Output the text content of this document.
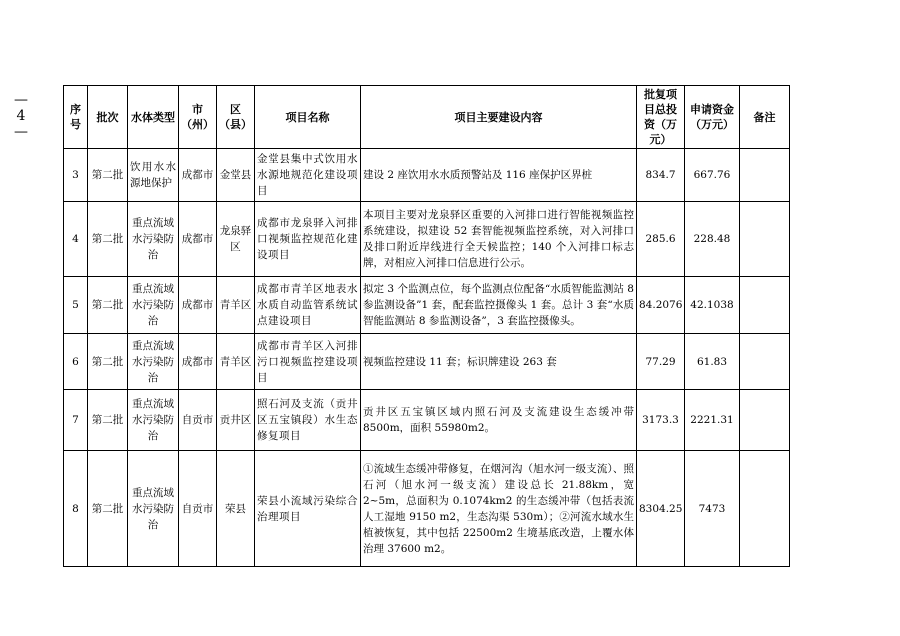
—
4
—
序号	批次	水体类型	市（州）	区（县）	项目名称	项目主要建设内容	批复项目总投资（万元）	申请资金（万元）	备注
3	第二批	饮用水水源地保护	成都市	金堂县	金堂县集中式饮用水水源地规范化建设项目	建设 2 座饮用水水质预警站及 116 座保护区界桩	834.7	667.76	
4	第二批	重点流域水污染防治	成都市	龙泉驿区	成都市龙泉驿入河排口视频监控规范化建设项目	本项目主要对龙泉驿区重要的入河排口进行智能视频监控系统建设，拟建设 52 套智能视频监控系统，对入河排口及排口附近岸线进行全天候监控；140 个入河排口标志牌，对相应入河排口信息进行公示。	285.6	228.48	
5	第二批	重点流域水污染防治	成都市	青羊区	成都市青羊区地表水水质自动监管系统试点建设项目	拟定 3 个监测点位，每个监测点位配备“水质智能监测站 8 参监测设备”1 套，配套监控摄像头 1 套。总计 3 套“水质智能监测站 8 参监测设备”，3 套监控摄像头。	84.2076	42.1038	
6	第二批	重点流域水污染防治	成都市	青羊区	成都市青羊区入河排污口视频监控建设项目	视频监控建设 11 套；标识牌建设 263 套	77.29	61.83	
7	第二批	重点流域水污染防治	自贡市	贡井区	照石河及支流（贡井区五宝镇段）水生态修复项目	贡井区五宝镇区域内照石河及支流建设生态缓冲带 8500m，面积 55980m2。	3173.3	2221.31	
8	第二批	重点流域水污染防治	自贡市	荣县	荣县小流域污染综合治理项目	①流域生态缓冲带修复，在烟河沟（旭水河一级支流）、照石河（旭水河一级支流）建设总长 21.88km，宽 2~5m，总面积为 0.1074km2 的生态缓冲带（包括表流人工湿地 9150 m2，生态沟渠 530m）；②河流水域水生植被恢复，其中包括 22500m2 生境基底改造，上覆水体治理 37600 m2。	8304.25	7473	
